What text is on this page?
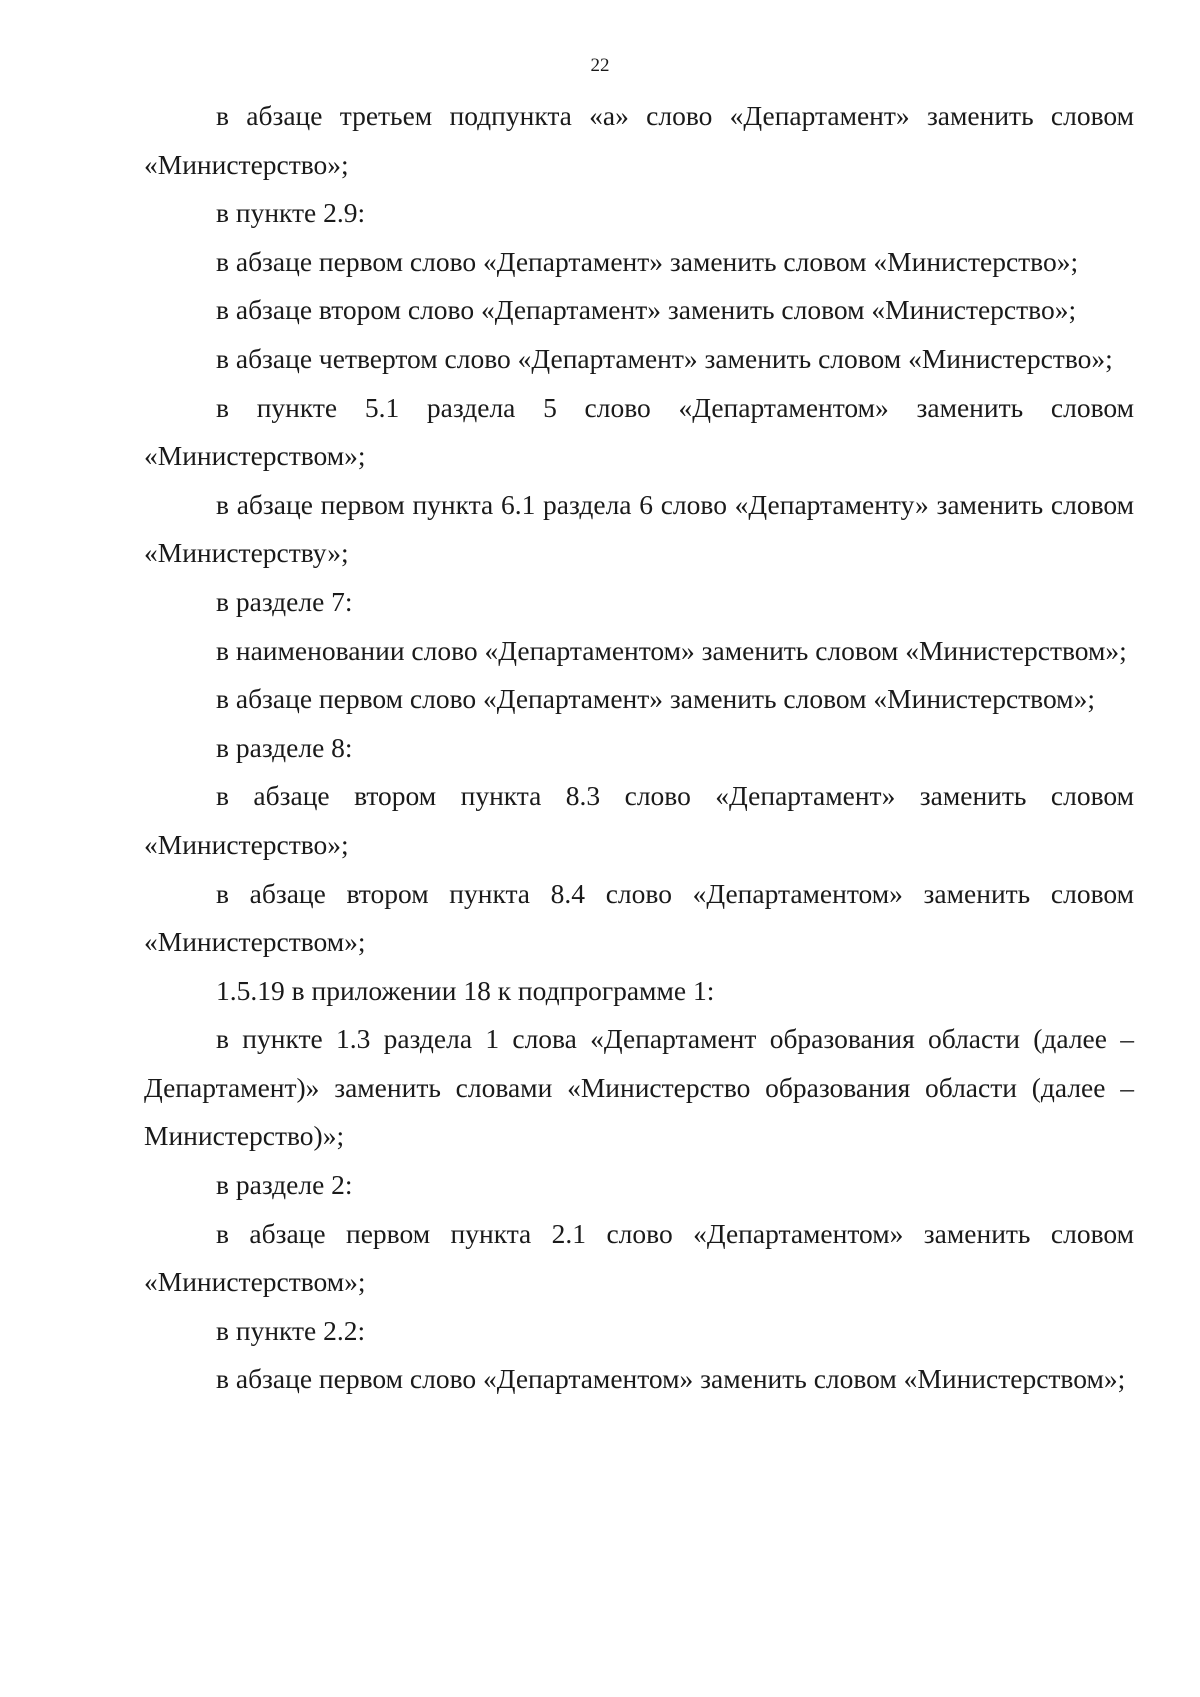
22

в абзаце третьем подпункта «а» слово «Департамент» заменить словом «Министерство»;

в пункте 2.9:

в абзаце первом слово «Департамент» заменить словом «Министерство»;

в абзаце втором слово «Департамент» заменить словом «Министерство»;

в абзаце четвертом слово «Департамент» заменить словом «Министерство»;

в пункте 5.1 раздела 5 слово «Департаментом» заменить словом «Министерством»;

в абзаце первом пункта 6.1 раздела 6 слово «Департаменту» заменить словом «Министерству»;

в разделе 7:

в наименовании слово «Департаментом» заменить словом «Министерством»;

в абзаце первом слово «Департамент» заменить словом «Министерством»;

в разделе 8:

в абзаце втором пункта 8.3 слово «Департамент» заменить словом «Министерство»;

в абзаце втором пункта 8.4 слово «Департаментом» заменить словом «Министерством»;

1.5.19 в приложении 18 к подпрограмме 1:

в пункте 1.3 раздела 1 слова «Департамент образования области (далее – Департамент)» заменить словами «Министерство образования области (далее – Министерство)»;

в разделе 2:

в абзаце первом пункта 2.1 слово «Департаментом» заменить словом «Министерством»;

в пункте 2.2:

в абзаце первом слово «Департаментом» заменить словом «Министерством»;
